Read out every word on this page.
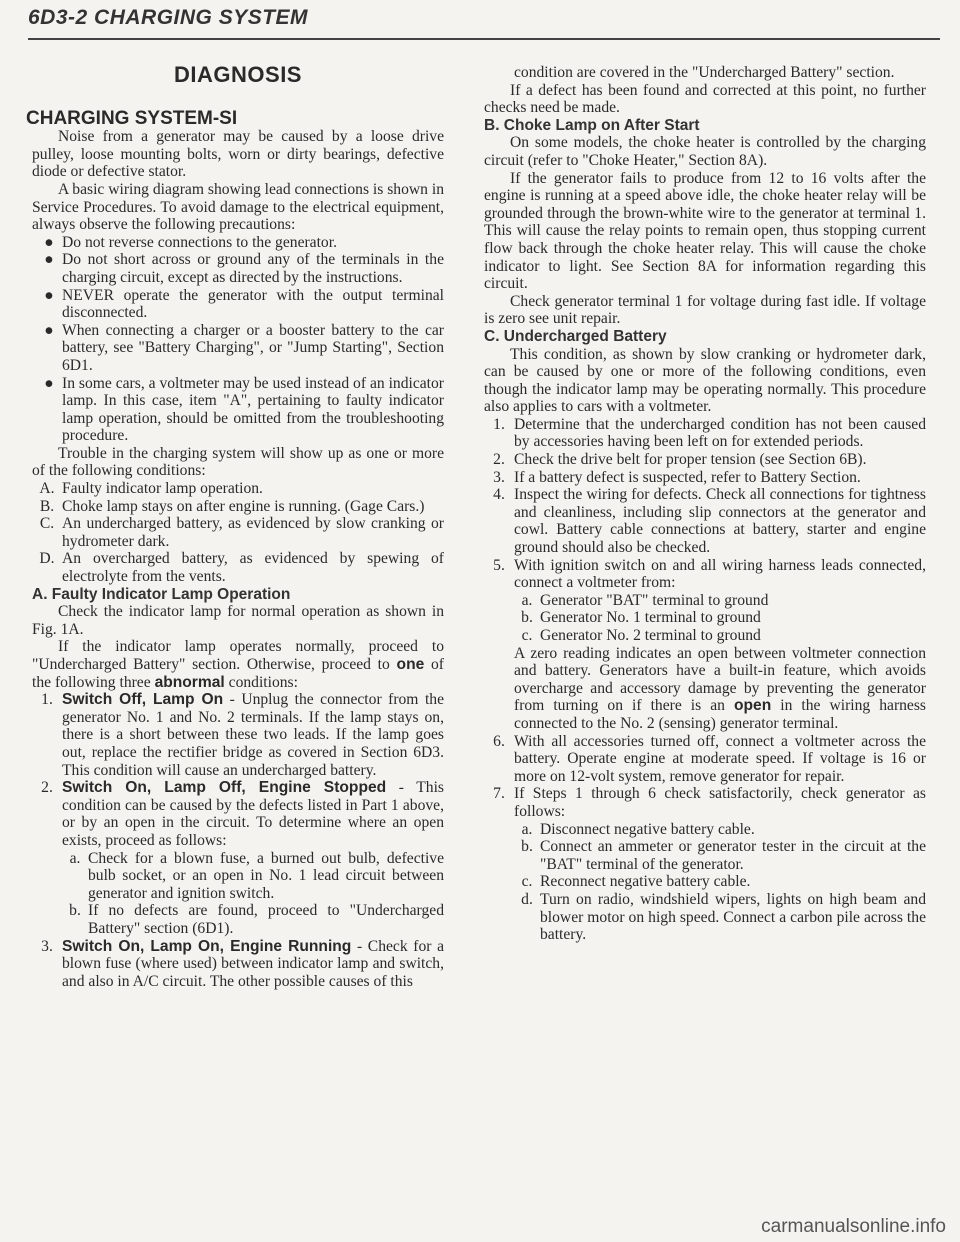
6D3-2 CHARGING SYSTEM
DIAGNOSIS
CHARGING SYSTEM-SI

Noise from a generator may be caused by a loose drive pulley, loose mounting bolts, worn or dirty bearings, defective diode or defective stator.

A basic wiring diagram showing lead connections is shown in Service Procedures. To avoid damage to the electrical equipment, always observe the following precautions:

● Do not reverse connections to the generator.
● Do not short across or ground any of the terminals in the charging circuit, except as directed by the instructions.
● NEVER operate the generator with the output terminal disconnected.
● When connecting a charger or a booster battery to the car battery, see "Battery Charging", or "Jump Starting", Section 6D1.
● In some cars, a voltmeter may be used instead of an indicator lamp. In this case, item "A", pertaining to faulty indicator lamp operation, should be omitted from the troubleshooting procedure.

Trouble in the charging system will show up as one or more of the following conditions:

A. Faulty indicator lamp operation.
B. Choke lamp stays on after engine is running. (Gage Cars.)
C. An undercharged battery, as evidenced by slow cranking or hydrometer dark.
D. An overcharged battery, as evidenced by spewing of electrolyte from the vents.

A. Faulty Indicator Lamp Operation

Check the indicator lamp for normal operation as shown in Fig. 1A.

If the indicator lamp operates normally, proceed to "Undercharged Battery" section. Otherwise, proceed to one of the following three abnormal conditions:

1. Switch Off, Lamp On - Unplug the connector from the generator No. 1 and No. 2 terminals. If the lamp stays on, there is a short between these two leads. If the lamp goes out, replace the rectifier bridge as covered in Section 6D3. This condition will cause an undercharged battery.
2. Switch On, Lamp Off, Engine Stopped - This condition can be caused by the defects listed in Part 1 above, or by an open in the circuit. To determine where an open exists, proceed as follows:
a. Check for a blown fuse, a burned out bulb, defective bulb socket, or an open in No. 1 lead circuit between generator and ignition switch.
b. If no defects are found, proceed to "Undercharged Battery" section (6D1).
3. Switch On, Lamp On, Engine Running - Check for a blown fuse (where used) between indicator lamp and switch, and also in A/C circuit. The other possible causes of this

condition are covered in the "Undercharged Battery" section.

If a defect has been found and corrected at this point, no further checks need be made.

B. Choke Lamp on After Start

On some models, the choke heater is controlled by the charging circuit (refer to "Choke Heater," Section 8A).

If the generator fails to produce from 12 to 16 volts after the engine is running at a speed above idle, the choke heater relay will be grounded through the brown-white wire to the generator at terminal 1. This will cause the relay points to remain open, thus stopping current flow back through the choke heater relay. This will cause the choke indicator to light. See Section 8A for information regarding this circuit.

Check generator terminal 1 for voltage during fast idle. If voltage is zero see unit repair.

C. Undercharged Battery

This condition, as shown by slow cranking or hydrometer dark, can be caused by one or more of the following conditions, even though the indicator lamp may be operating normally. This procedure also applies to cars with a voltmeter.

1. Determine that the undercharged condition has not been caused by accessories having been left on for extended periods.
2. Check the drive belt for proper tension (see Section 6B).
3. If a battery defect is suspected, refer to Battery Section.
4. Inspect the wiring for defects. Check all connections for tightness and cleanliness, including slip connectors at the generator and cowl. Battery cable connections at battery, starter and engine ground should also be checked.
5. With ignition switch on and all wiring harness leads connected, connect a voltmeter from:
a. Generator "BAT" terminal to ground
b. Generator No. 1 terminal to ground
c. Generator No. 2 terminal to ground

A zero reading indicates an open between voltmeter connection and battery. Generators have a built-in feature, which avoids overcharge and accessory damage by preventing the generator from turning on if there is an open in the wiring harness connected to the No. 2 (sensing) generator terminal.

6. With all accessories turned off, connect a voltmeter across the battery. Operate engine at moderate speed. If voltage is 16 or more on 12-volt system, remove generator for repair.
7. If Steps 1 through 6 check satisfactorily, check generator as follows:
a. Disconnect negative battery cable.
b. Connect an ammeter or generator tester in the circuit at the "BAT" terminal of the generator.
c. Reconnect negative battery cable.
d. Turn on radio, windshield wipers, lights on high beam and blower motor on high speed. Connect a carbon pile across the battery.
carmanualsonline.info
